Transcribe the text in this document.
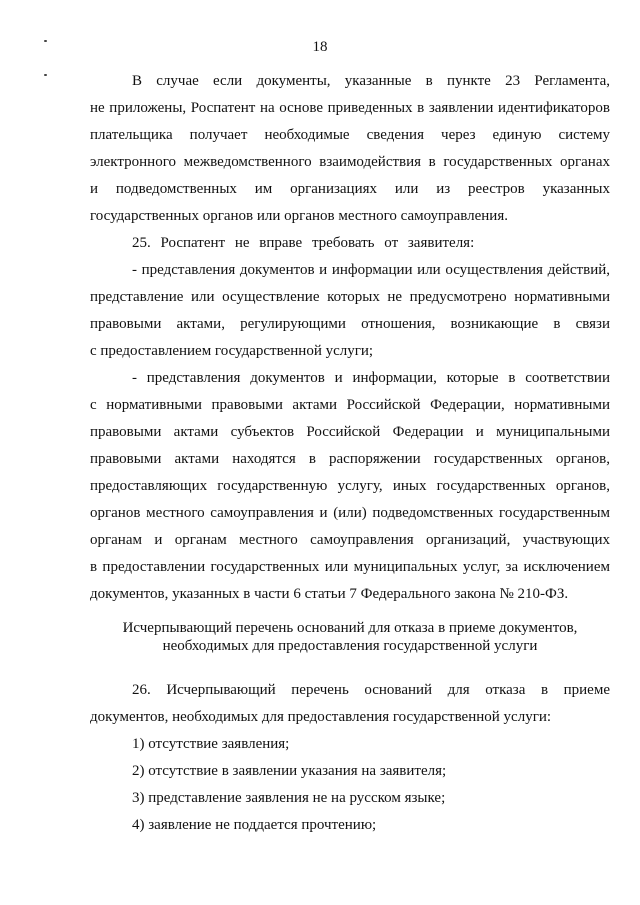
18
В случае если документы, указанные в пункте 23 Регламента,
не приложены, Роспатент на основе приведенных в заявлении идентификаторов
плательщика получает необходимые сведения через единую систему
электронного межведомственного взаимодействия в государственных органах
и подведомственных им организациях или из реестров указанных
государственных органов или органов местного самоуправления.
25. Роспатент не вправе требовать от заявителя:
- представления документов и информации или осуществления действий,
представление или осуществление которых не предусмотрено нормативными
правовыми актами, регулирующими отношения, возникающие в связи
с предоставлением государственной услуги;
- представления документов и информации, которые в соответствии
с нормативными правовыми актами Российской Федерации, нормативными
правовыми актами субъектов Российской Федерации и муниципальными
правовыми актами находятся в распоряжении государственных органов,
предоставляющих государственную услугу, иных государственных органов,
органов местного самоуправления и (или) подведомственных государственным
органам и органам местного самоуправления организаций, участвующих
в предоставлении государственных или муниципальных услуг, за исключением
документов, указанных в части 6 статьи 7 Федерального закона № 210-ФЗ.
Исчерпывающий перечень оснований для отказа в приеме документов,
необходимых для предоставления государственной услуги
26. Исчерпывающий перечень оснований для отказа в приеме
документов, необходимых для предоставления государственной услуги:
1) отсутствие заявления;
2) отсутствие в заявлении указания на заявителя;
3) представление заявления не на русском языке;
4) заявление не поддается прочтению;
